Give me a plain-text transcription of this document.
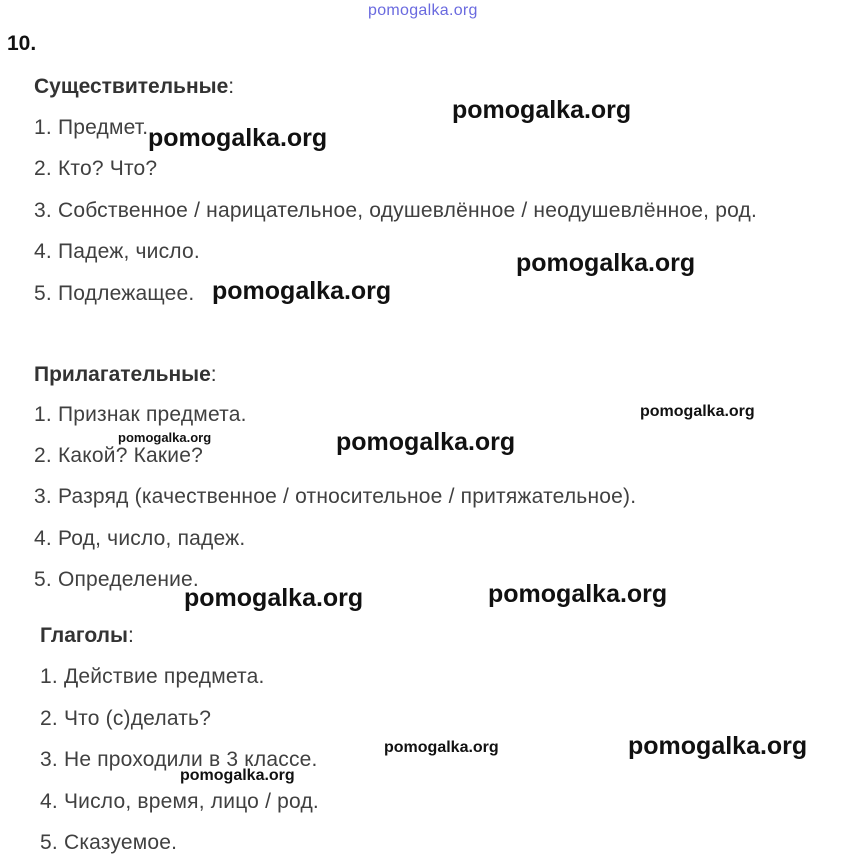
pomogalka.org
10.
Существительные:
1. Предмет.
2. Кто? Что?
3. Собственное / нарицательное, одушевлённое / неодушевлённое, род.
4. Падеж, число.
5. Подлежащее.
Прилагательные:
1. Признак предмета.
2. Какой? Какие?
3. Разряд (качественное / относительное / притяжательное).
4. Род, число, падеж.
5. Определение.
Глаголы:
1. Действие предмета.
2. Что (с)делать?
3. Не проходили в 3 классе.
4. Число, время, лицо / род.
5. Сказуемое.
pomogalka.org
pomogalka.org
pomogalka.org
pomogalka.org
pomogalka.org
pomogalka.org	pomogalka.org
pomogalka.org
pomogalka.org
pomogalka.org	pomogalka.org
pomogalka.org
